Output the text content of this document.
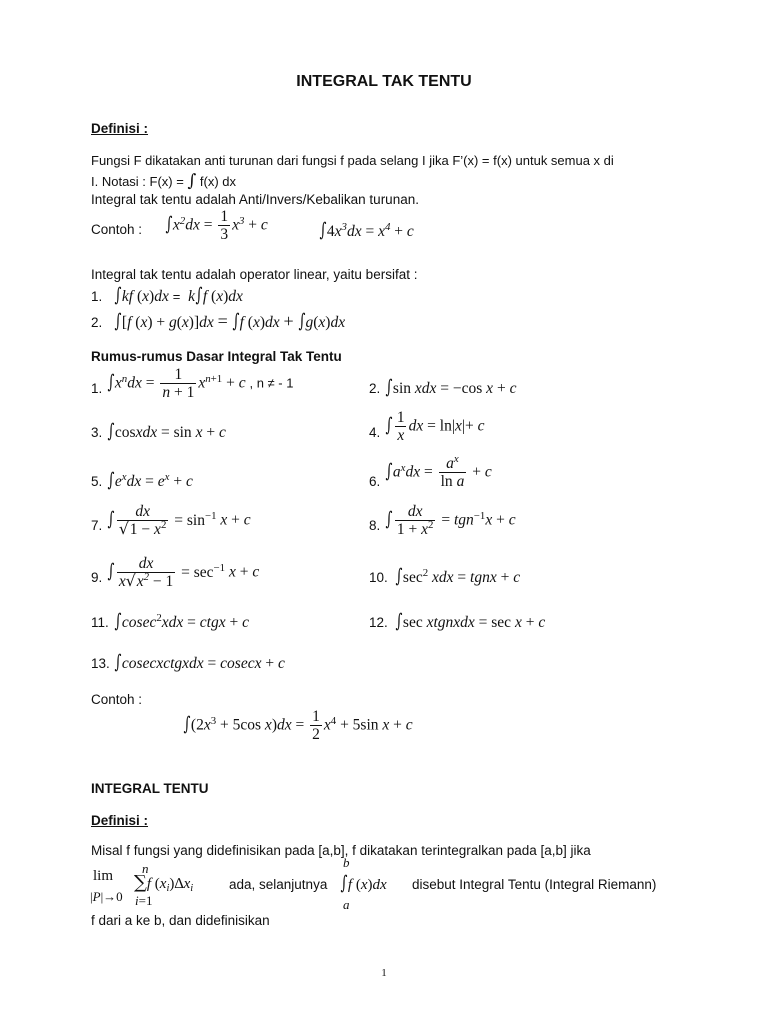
INTEGRAL TAK TENTU
Definisi :
Fungsi F dikatakan anti turunan dari fungsi f pada selang I jika F’(x) = f(x) untuk semua x di
I. Notasi : F(x) = ∫ f(x) dx
Integral tak tentu adalah Anti/Invers/Kebalikan turunan.
Contoh : $\int x^2dx = \frac{1}{3} x^3 + c$	$\int 4x^3dx = x^4 + c$
Integral tak tentu adalah operator linear, yaitu bersifat :
1. ∫kf (x)dx =  k∫f (x)dx
2. ∫[f (x) + g(x)]dx = ∫f (x)dx + ∫g(x)dx
Rumus-rumus Dasar Integral Tak Tentu
1. $\int x^ndx = \frac{1}{n + 1} x^{n+1} + c$ , n ≠ - 1	2. ∫sin xdx = −cos x + c
3. ∫cosxdx = sin x + c	4. ∫ $\frac{1}{x}$ dx = ln|x|+ c
5. $\int e^xdx = e^x + c$	6. $\int a^xdx = \frac{a^x}{\text{ln a}} + c$
7. ∫ $\frac{dx}{√1 - x^2} = \sin^{-1} x + c$	8. ∫ $\frac{dx}{1 + x^2} = tgn^{-1}x + c$
9. ∫ $\frac{dx}{x√x^2 - 1} = \sec^{-1} x + c$	10. $\int\sec^2$ xdx = tgnx + c
11. ∫cosec$^2$xdx = ctgx + c	12. ∫sec xtgnxdx = sec x + c
13. ∫cosecxctgxdx = cosecx + c
Contoh :
$\int(2x^3 + 5\cos$ $x)dx = \frac{1}{2} x^4 + 5\sin$ x + c
INTEGRAL TENTU
Definisi :
Misal f fungsi yang didefinisikan pada [a,b], f dikatakan terintegralkan pada [a,b] jika
lim
|P|→0
n
∑f $(x_i)\Delta x_i$
i=1
ada, selanjutnya
b
∫f (x)dx
a
disebut Integral Tentu (Integral Riemann)
f dari a ke b, dan didefinisikan
1
